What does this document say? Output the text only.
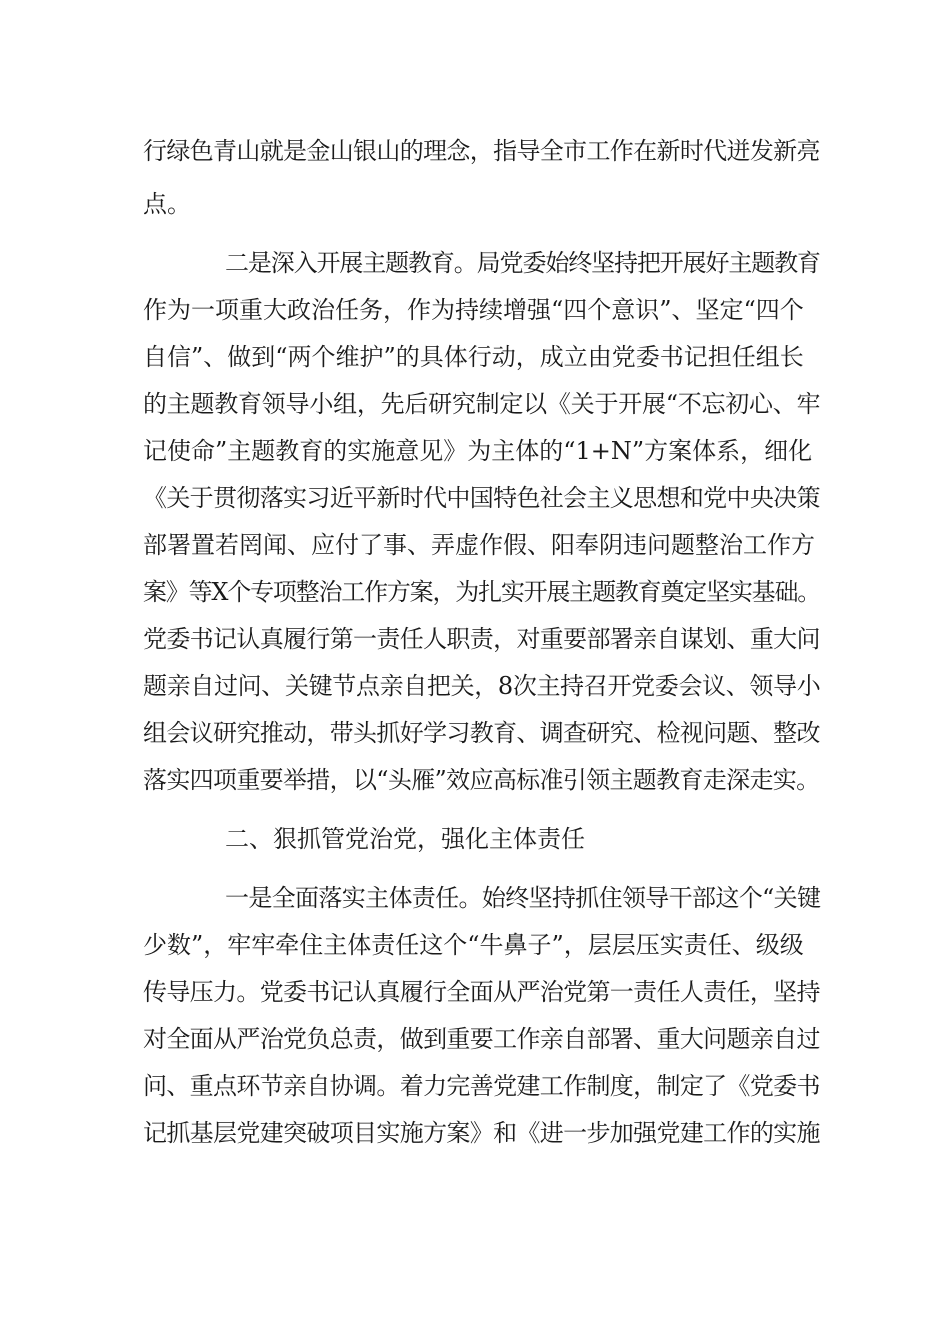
行绿色青山就是金山银山的理念，指导全市工作在新时代迸发新亮

点。

二是深入开展主题教育。局党委始终坚持把开展好主题教育

作为一项重大政治任务，作为持续增强“四个意识”、坚定“四个

自信”、做到“两个维护”的具体行动，成立由党委书记担任组长

的主题教育领导小组，先后研究制定以《关于开展“不忘初心、牢

记使命”主题教育的实施意见》为主体的“1+N”方案体系，细化

《关于贯彻落实习近平新时代中国特色社会主义思想和党中央决策

部署置若罔闻、应付了事、弄虚作假、阳奉阴违问题整治工作方

案》等X个专项整治工作方案，为扎实开展主题教育奠定坚实基础。

党委书记认真履行第一责任人职责，对重要部署亲自谋划、重大问

题亲自过问、关键节点亲自把关，8次主持召开党委会议、领导小

组会议研究推动，带头抓好学习教育、调查研究、检视问题、整改

落实四项重要举措，以“头雁”效应高标准引领主题教育走深走实。

二、狠抓管党治党，强化主体责任

一是全面落实主体责任。始终坚持抓住领导干部这个“关键

少数”，牢牢牵住主体责任这个“牛鼻子”，层层压实责任、级级

传导压力。党委书记认真履行全面从严治党第一责任人责任，坚持

对全面从严治党负总责，做到重要工作亲自部署、重大问题亲自过

问、重点环节亲自协调。着力完善党建工作制度，制定了《党委书

记抓基层党建突破项目实施方案》和《进一步加强党建工作的实施
